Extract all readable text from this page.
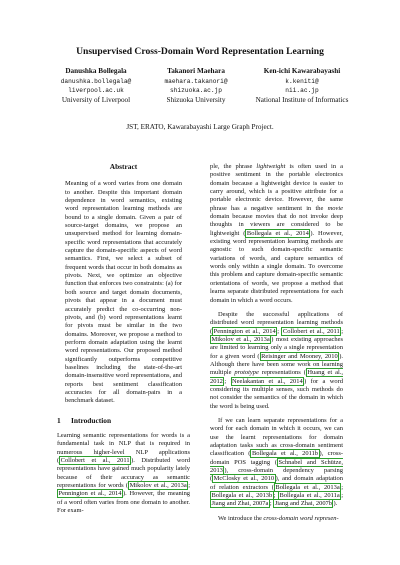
Unsupervised Cross-Domain Word Representation Learning
Danushka Bollegala
danushka.bollegala@
liverpool.ac.uk
University of Liverpool
Takanori Maehara
maehara.takanori@
shizuoka.ac.jp
Shizuoka University
Ken-ichi Kawarabayashi
k.keniti@
nii.ac.jp
National Institute of Informatics
JST, ERATO, Kawarabayashi Large Graph Project.
Abstract

Meaning of a word varies from one domain to another. Despite this important domain dependence in word semantics, existing word representation learning methods are bound to a single domain. Given a pair of source-target domains, we propose an unsupervised method for learning domain-specific word representations that accurately capture the domain-specific aspects of word semantics. First, we select a subset of frequent words that occur in both domains as pivots. Next, we optimize an objective function that enforces two constraints: (a) for both source and target domain documents, pivots that appear in a document must accurately predict the co-occurring non-pivots, and (b) word representations learnt for pivots must be similar in the two domains. Moreover, we propose a method to perform domain adaptation using the learnt word representations. Our proposed method significantly outperforms competitive baselines including the state-of-the-art domain-insensitive word representations, and reports best sentiment classification accuracies for all domain-pairs in a benchmark dataset.

1 Introduction

Learning semantic representations for words is a fundamental task in NLP that is required in numerous higher-level NLP applications ( Collobert et al., 2011 ). Distributed word representations have gained much popularity lately because of their accuracy as semantic representations for words ( Mikolov et al., 2013a ; Pennington et al., 2014 ). However, the meaning of a word often varies from one domain to another. For exam-

ple, the phrase lightweight is often used in a positive sentiment in the portable electronics domain because a lightweight device is easier to carry around, which is a positive attribute for a portable electronic device. However, the same phrase has a negative sentiment in the movie domain because movies that do not invoke deep thoughts in viewers are considered to be lightweight ( Bollegala et al., 2014 ). However, existing word representation learning methods are agnostic to such domain-specific semantic variations of words, and capture semantics of words only within a single domain. To overcome this problem and capture domain-specific semantic orientations of words, we propose a method that learns separate distributed representations for each domain in which a word occurs.

Despite the successful applications of distributed word representation learning methods ( Pennington et al., 2014 ; Collobert et al., 2011 ; Mikolov et al., 2013a ) most existing approaches are limited to learning only a single representation for a given word ( Reisinger and Mooney, 2010 ). Although there have been some work on learning multiple prototype representations ( Huang et al., 2012 ; Neelakantan et al., 2014 ) for a word considering its multiple senses, such methods do not consider the semantics of the domain in which the word is being used.

If we can learn separate representations for a word for each domain in which it occurs, we can use the learnt representations for domain adaptation tasks such as cross-domain sentiment classification ( Bollegala et al., 2011b ), cross-domain POS tagging ( Schnabel and Schütze, 2013 ), cross-domain dependency parsing ( McClosky et al., 2010 ), and domain adaptation of relation extractors ( Bollegala et al., 2013a ; Bollegala et al., 2013b ; Bollegala et al., 2011a ; Jiang and Zhai, 2007a ; Jiang and Zhai, 2007b ).

We introduce the cross-domain word represen-
